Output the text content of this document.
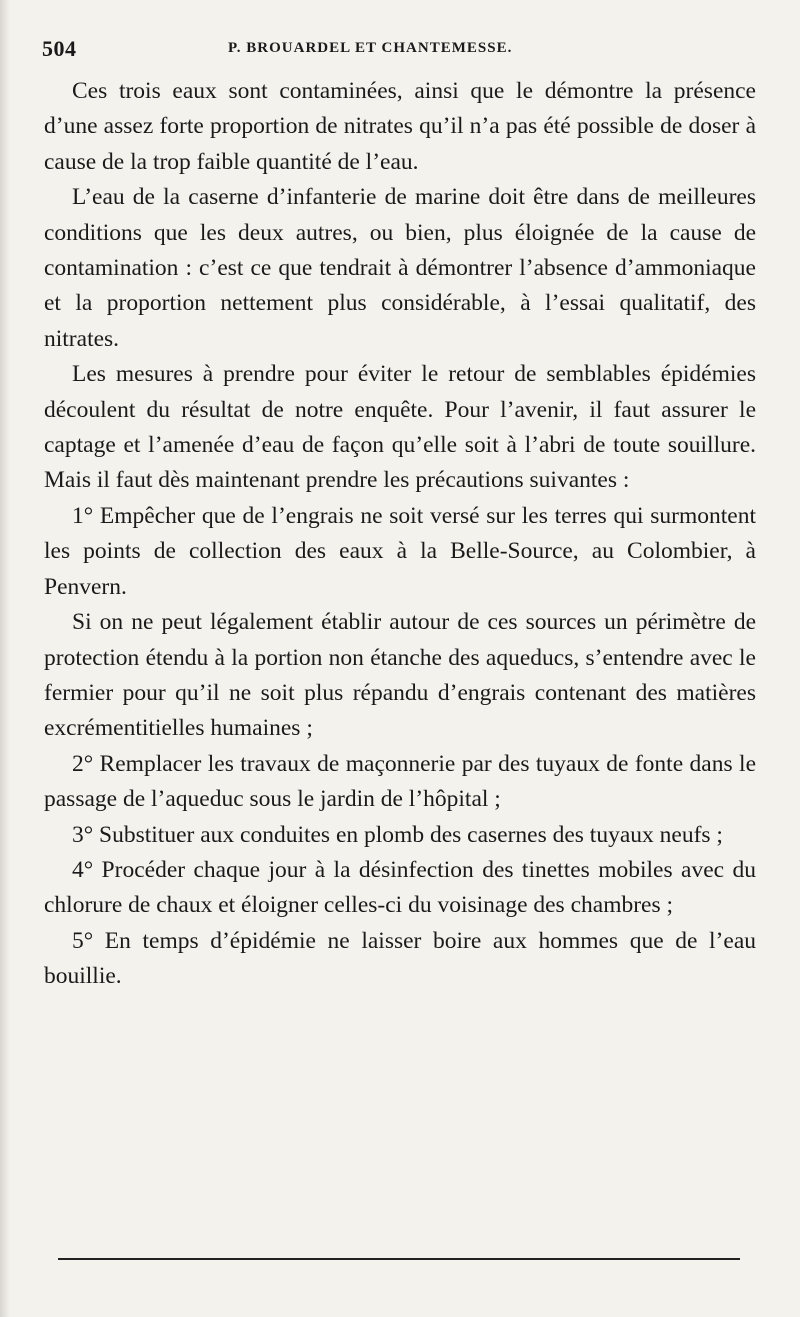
504	P. BROUARDEL ET CHANTEMESSE.

Ces trois eaux sont contaminées, ainsi que le démontre la présence d’une assez forte proportion de nitrates qu’il n’a pas été possible de doser à cause de la trop faible quantité de l’eau.

L’eau de la caserne d’infanterie de marine doit être dans de meilleures conditions que les deux autres, ou bien, plus éloignée de la cause de contamination : c’est ce que tendrait à démontrer l’absence d’ammoniaque et la proportion nettement plus considérable, à l’essai qualitatif, des nitrates.

Les mesures à prendre pour éviter le retour de semblables épidémies découlent du résultat de notre enquête. Pour l’avenir, il faut assurer le captage et l’amenée d’eau de façon qu’elle soit à l’abri de toute souillure. Mais il faut dès maintenant prendre les précautions suivantes :

1° Empêcher que de l’engrais ne soit versé sur les terres qui surmontent les points de collection des eaux à la Belle-Source, au Colombier, à Penvern.

Si on ne peut légalement établir autour de ces sources un périmètre de protection étendu à la portion non étanche des aqueducs, s’entendre avec le fermier pour qu’il ne soit plus répandu d’engrais contenant des matières excrémentitielles humaines ;

2° Remplacer les travaux de maçonnerie par des tuyaux de fonte dans le passage de l’aqueduc sous le jardin de l’hôpital ;

3° Substituer aux conduites en plomb des casernes des tuyaux neufs ;

4° Procéder chaque jour à la désinfection des tinettes mobiles avec du chlorure de chaux et éloigner celles-ci du voisinage des chambres ;

5° En temps d’épidémie ne laisser boire aux hommes que de l’eau bouillie.
